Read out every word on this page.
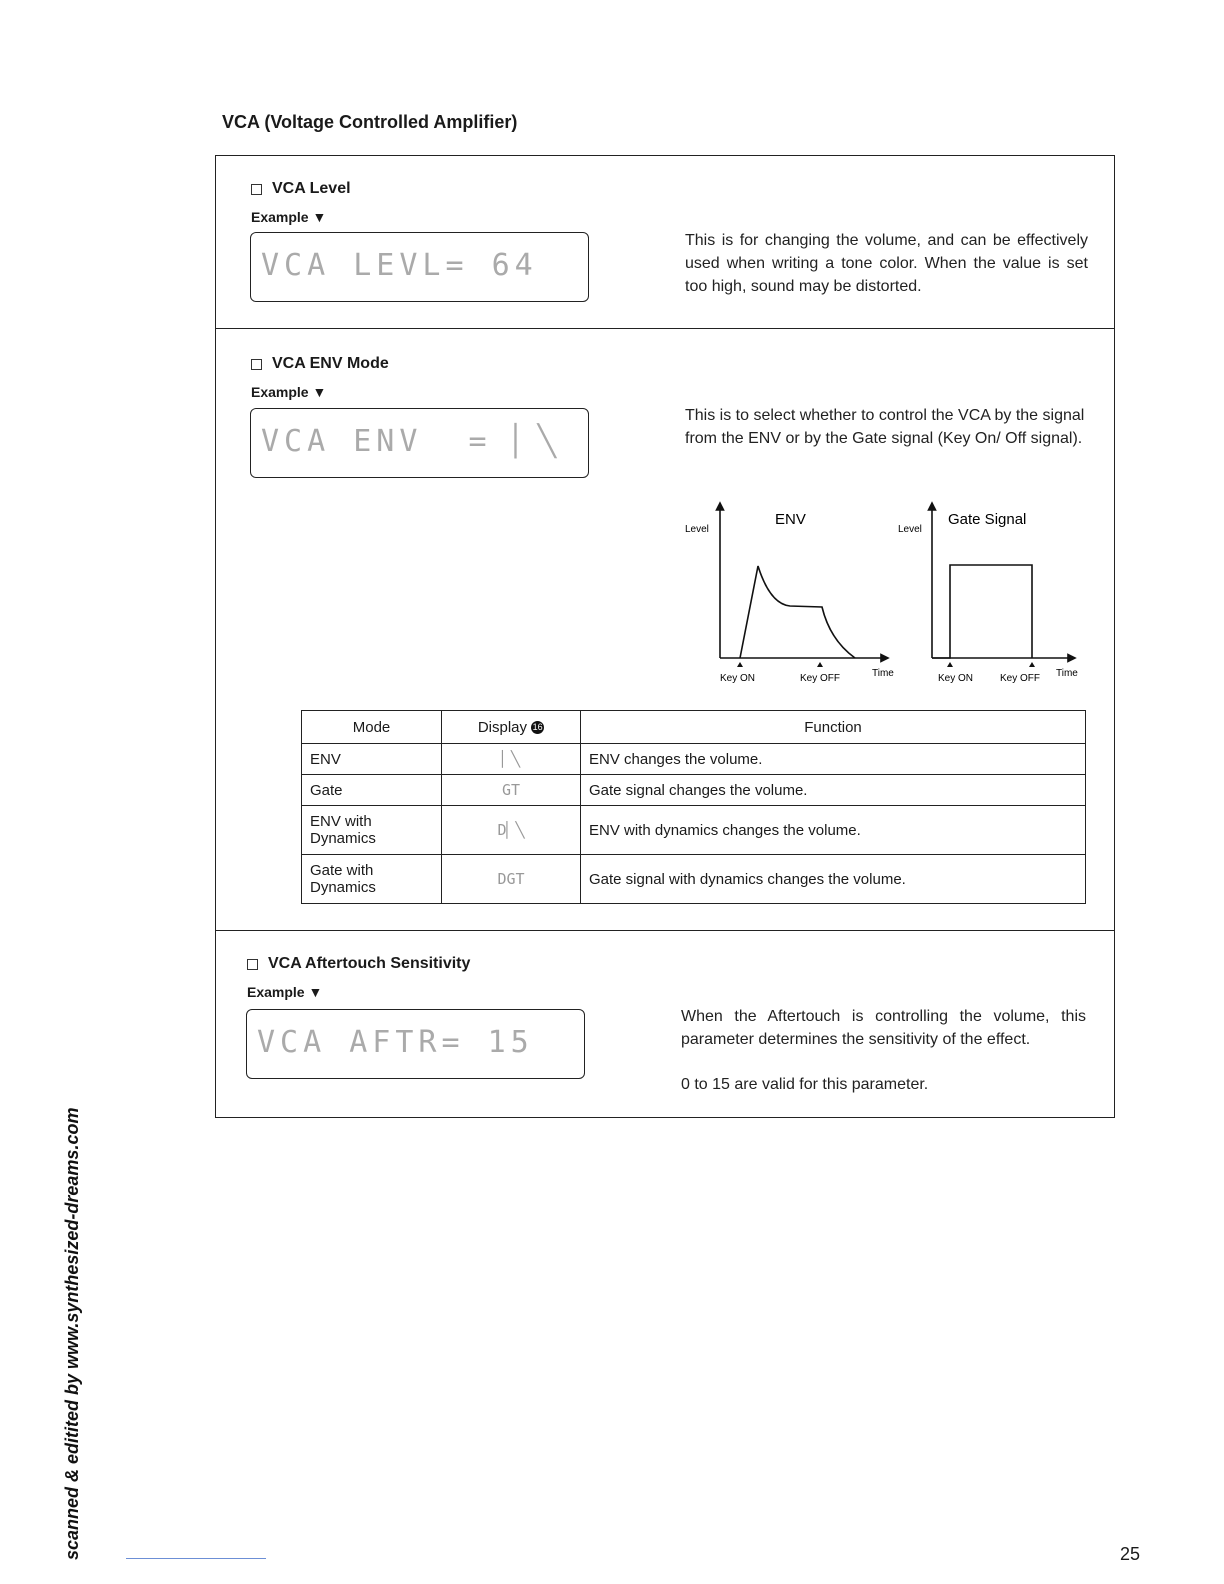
VCA (Voltage Controlled Amplifier)
VCA Level
Example ▼
VCA LEVL= 64
This is for changing the volume, and can be effectively used when writing a tone color. When the value is set too high, sound may be distorted.
VCA ENV Mode
Example ▼
VCA ENV  = ▏╲
This is to select whether to control the VCA by the signal from the ENV or by the Gate signal (Key On/ Off signal).
Level
ENV
Time
Key ON	Key OFF
Level
Gate Signal
Time
Key ON	Key OFF
Mode	Display 16	Function
ENV	▏╲	ENV changes the volume.
Gate	GT	Gate signal changes the volume.
ENV with Dynamics	D▏╲	ENV with dynamics changes the volume.
Gate with Dynamics	DGT	Gate signal with dynamics changes the volume.
VCA Aftertouch Sensitivity
Example ▼
VCA AFTR= 15
When the Aftertouch is controlling the volume, this parameter determines the sensitivity of the effect.
0 to 15 are valid for this parameter.
scanned & editited by www.synthesized-dreams.com	25
